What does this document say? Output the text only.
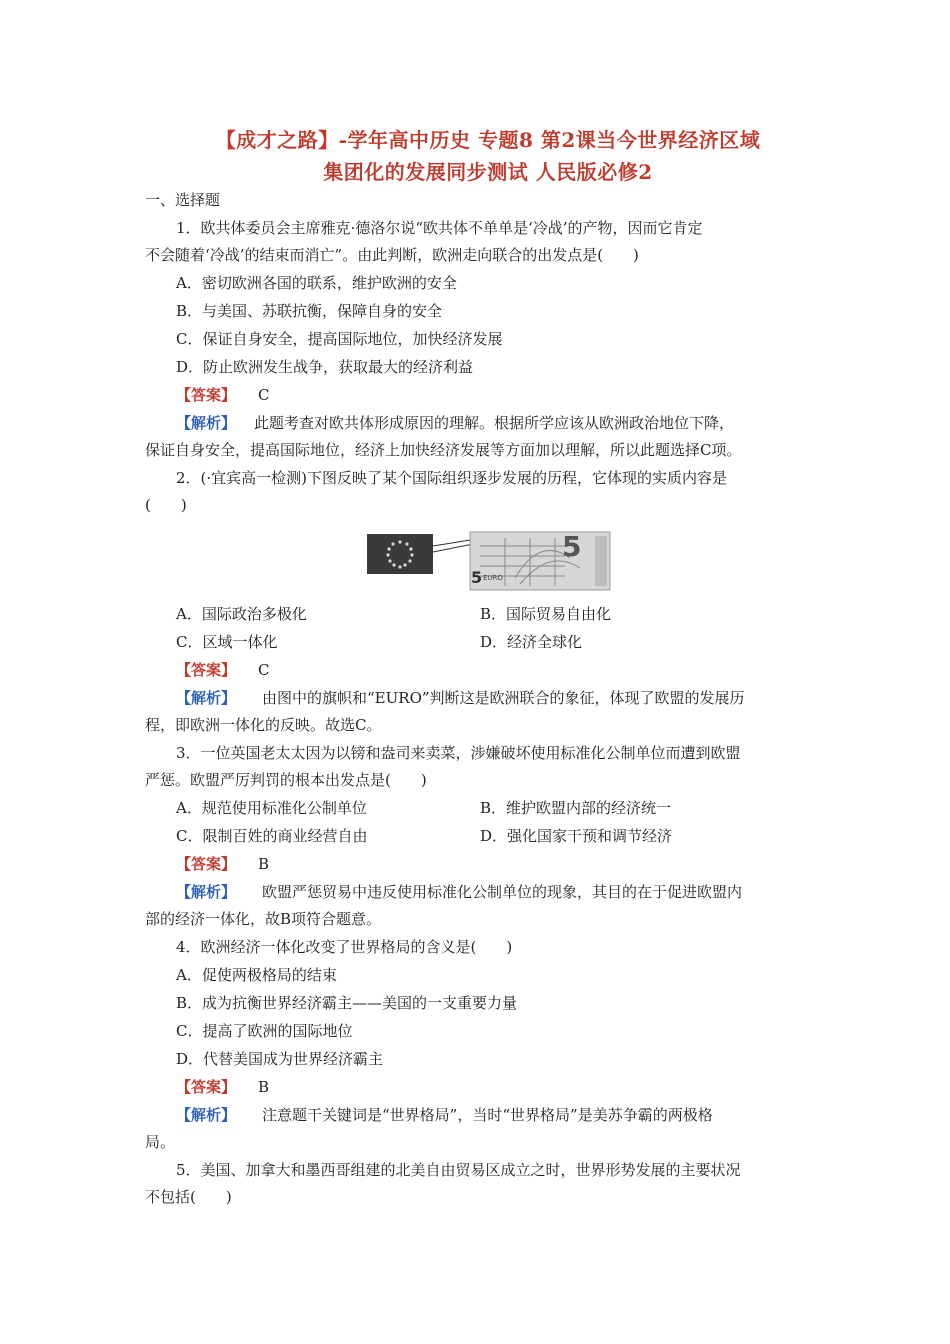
【成才之路】-学年高中历史 专题8 第2课当今世界经济区域
集团化的发展同步测试 人民版必修2
一、选择题
1．欧共体委员会主席雅克·德洛尔说“欧共体不单单是‘冷战’的产物，因而它肯定
不会随着‘冷战’的结束而消亡”。由此判断，欧洲走向联合的出发点是(　　)
A．密切欧洲各国的联系，维护欧洲的安全
B．与美国、苏联抗衡，保障自身的安全
C．保证自身安全，提高国际地位，加快经济发展
D．防止欧洲发生战争，获取最大的经济利益
【答案】 C
【解析】 此题考查对欧共体形成原因的理解。根据所学应该从欧洲政治地位下降，
保证自身安全，提高国际地位，经济上加快经济发展等方面加以理解，所以此题选择C项。
2．(·宜宾高一检测)下图反映了某个国际组织逐步发展的历程，它体现的实质内容是
(　　)
5
5 EURO
A．国际政治多极化	B．国际贸易自由化
C．区域一体化	D．经济全球化
【答案】 C
【解析】 由图中的旗帜和“EURO”判断这是欧洲联合的象征，体现了欧盟的发展历
程，即欧洲一体化的反映。故选C。
3．一位英国老太太因为以镑和盎司来卖菜，涉嫌破坏使用标准化公制单位而遭到欧盟
严惩。欧盟严厉判罚的根本出发点是(　　)
A．规范使用标准化公制单位	B．维护欧盟内部的经济统一
C．限制百姓的商业经营自由	D．强化国家干预和调节经济
【答案】 B
【解析】 欧盟严惩贸易中违反使用标准化公制单位的现象，其目的在于促进欧盟内
部的经济一体化，故B项符合题意。
4．欧洲经济一体化改变了世界格局的含义是(　　)
A．促使两极格局的结束
B．成为抗衡世界经济霸主——美国的一支重要力量
C．提高了欧洲的国际地位
D．代替美国成为世界经济霸主
【答案】 B
【解析】 注意题干关键词是“世界格局”，当时“世界格局”是美苏争霸的两极格
局。
5．美国、加拿大和墨西哥组建的北美自由贸易区成立之时，世界形势发展的主要状况
不包括(　　)
